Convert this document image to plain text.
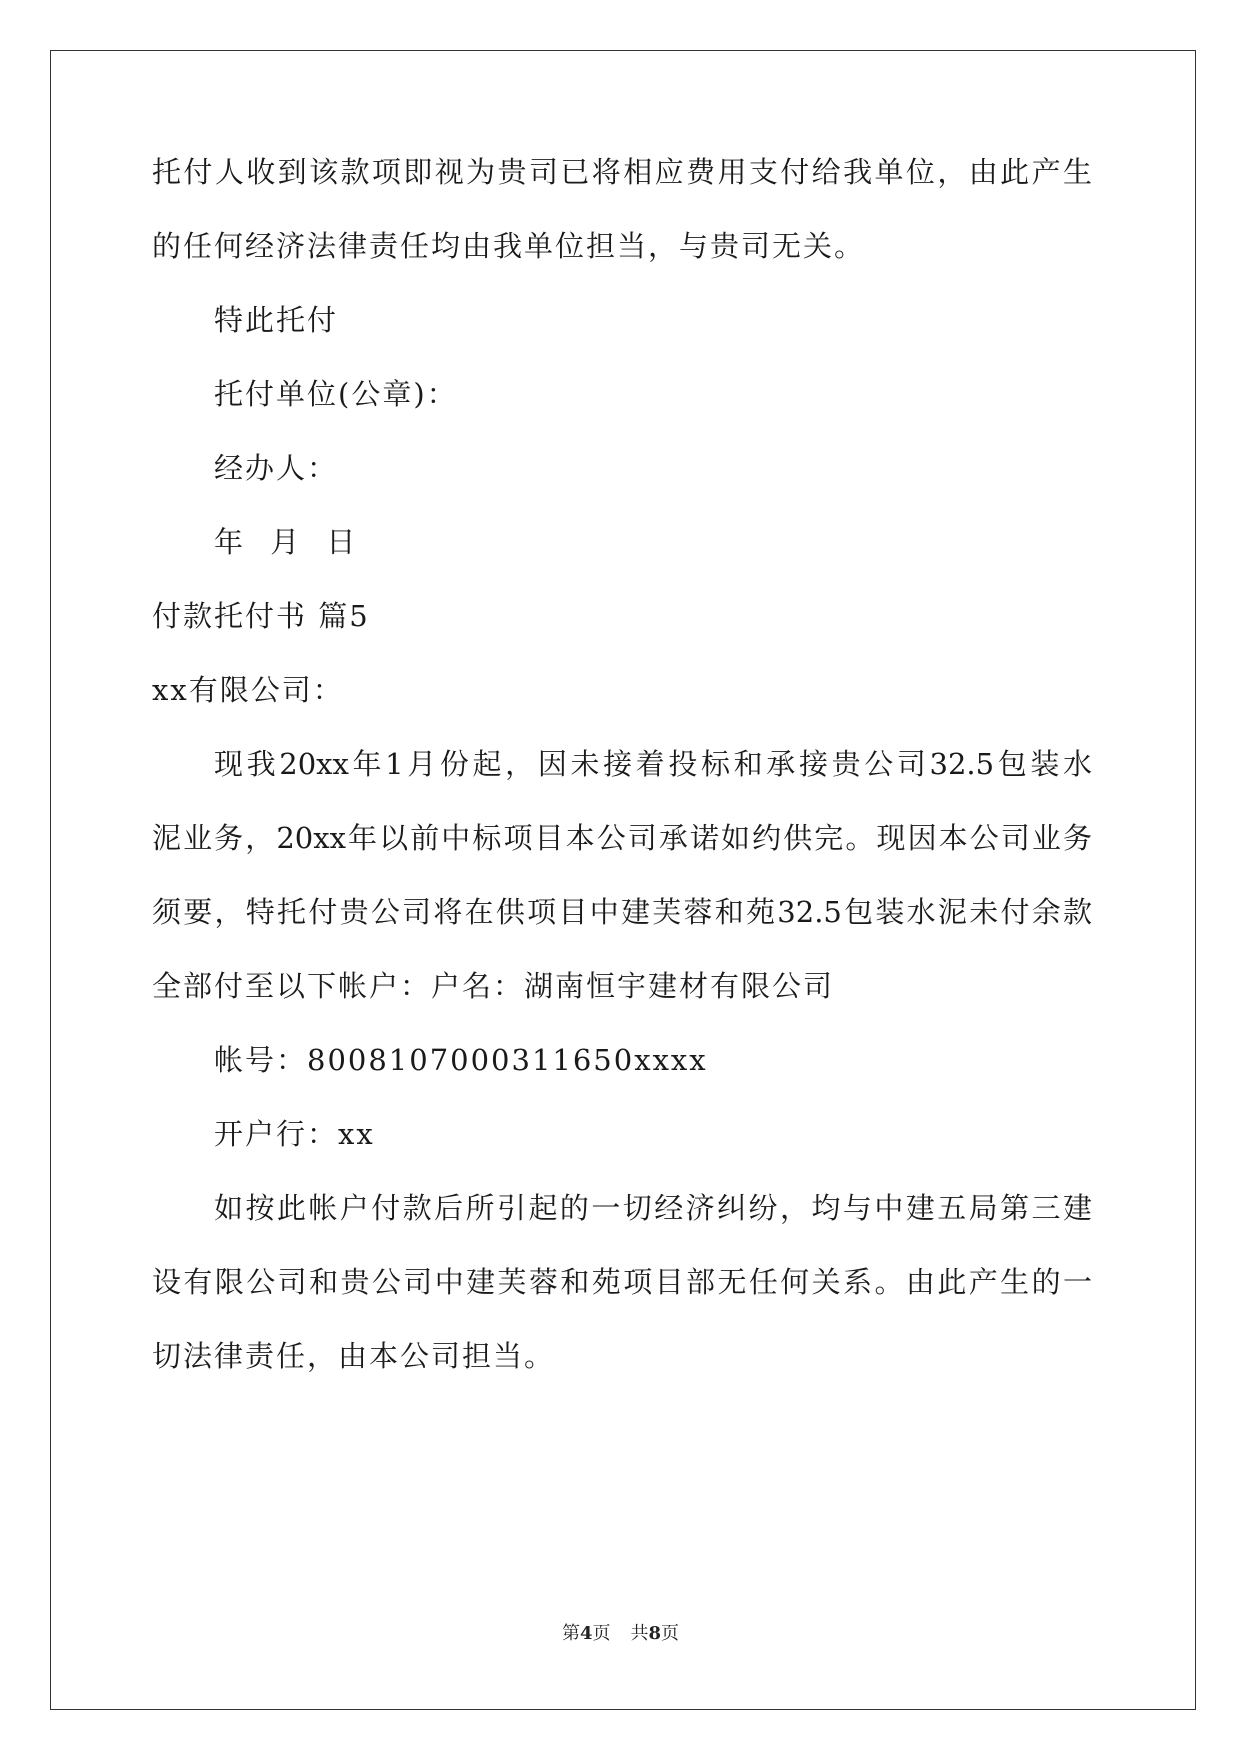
托付人收到该款项即视为贵司已将相应费用支付给我单位，由此产生
的任何经济法律责任均由我单位担当，与贵司无关。
特此托付
托付单位(公章)：
经办人：
年 月 日
付款托付书 篇5
xx有限公司：
现我20xx年1月份起，因未接着投标和承接贵公司32.5包装水
泥业务，20xx年以前中标项目本公司承诺如约供完。现因本公司业务
须要，特托付贵公司将在供项目中建芙蓉和苑32.5包装水泥未付余款
全部付至以下帐户：户名：湖南恒宇建材有限公司
帐号：8008107000311650xxxx
开户行：xx
如按此帐户付款后所引起的一切经济纠纷，均与中建五局第三建
设有限公司和贵公司中建芙蓉和苑项目部无任何关系。由此产生的一
切法律责任，由本公司担当。
第4页 共8页
